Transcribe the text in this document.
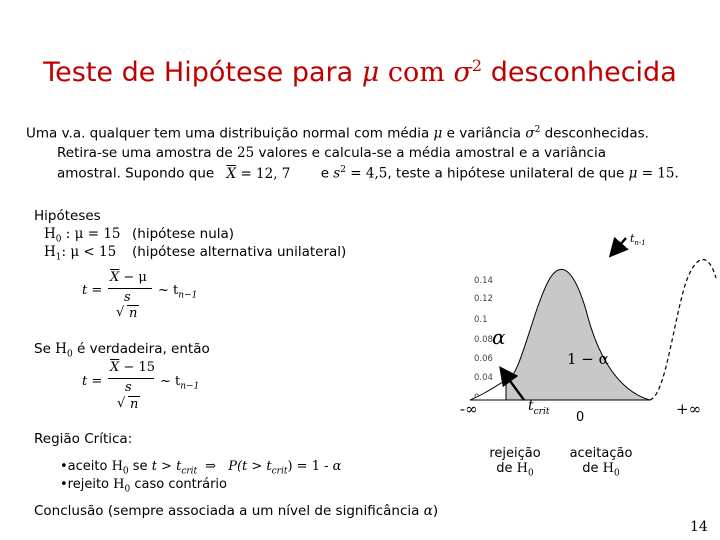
Teste de Hipótese para μ com $\sigma^2$ desconhecida
Uma v.a. qualquer tem uma distribuição normal com média μ e variância $\sigma^2$ desconhecidas.
Retira-se uma amostra de 25 valores e calcula-se a média amostral e a variância
amostral. Supondo que $\overline{X} = 12$, 7 e $s^2 = 4,5$, teste a hipótese unilateral de que μ = 15.
Hipóteses
$H_0$ : μ = 15 (hipótese nula)
$H_1$: μ < 15 (hipótese alternativa unilateral)
t =
$\overline{X} - \mu$
s
√ n
~ $t_{n-1}$
Se $H_0$ é verdadeira, então
t =
$\overline{X} - 15$
s
√ n
~ $t_{n-1}$
Região Crítica:
•aceito $H_0$ se $t > t_{crit}$ ⇒ $P(t > t_{crit}) = 1 - \alpha$
•rejeito $H_0$ caso contrário
Conclusão (sempre associada a um nível de significância α)
14
0.14
0.12
0.1
0.08
0.06
0.04
$t_{n-1}$
α
1 − α
-∞	$t_{crit}$ 0	+∞
rejeição
de $H_0$
aceitação
de $H_0$
